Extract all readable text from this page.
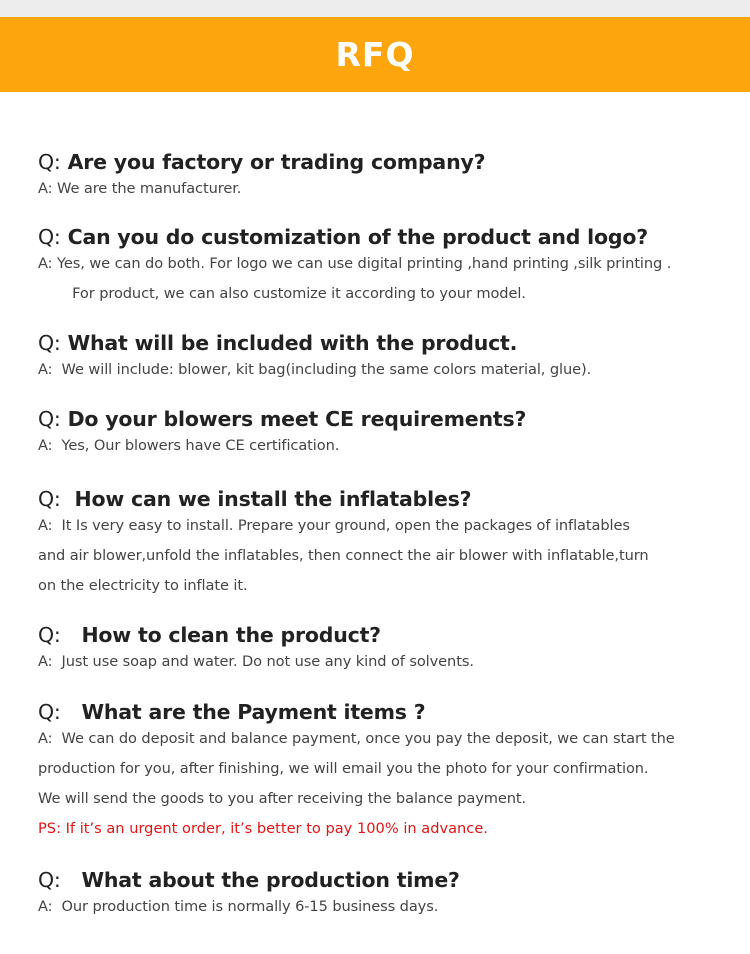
RFQ
Q: Are you factory or trading company?
A: We are the manufacturer.
Q: Can you do customization of the product and logo?
A: Yes, we can do both. For logo we can use digital printing ,hand printing ,silk printing .
For product, we can also customize it according to your model.
Q: What will be included with the product.
A:  We will include: blower, kit bag(including the same colors material, glue).
Q: Do your blowers meet CE requirements?
A:  Yes, Our blowers have CE certification.
Q:  How can we install the inflatables?
A:  It Is very easy to install. Prepare your ground, open the packages of inflatables
and air blower,unfold the inflatables, then connect the air blower with inflatable,turn
on the electricity to inflate it.
Q:   How to clean the product?
A:  Just use soap and water. Do not use any kind of solvents.
Q:   What are the Payment items ?
A:  We can do deposit and balance payment, once you pay the deposit, we can start the
production for you, after finishing, we will email you the photo for your confirmation.
We will send the goods to you after receiving the balance payment.
PS: If it’s an urgent order, it’s better to pay 100% in advance.
Q:   What about the production time?
A:  Our production time is normally 6-15 business days.
